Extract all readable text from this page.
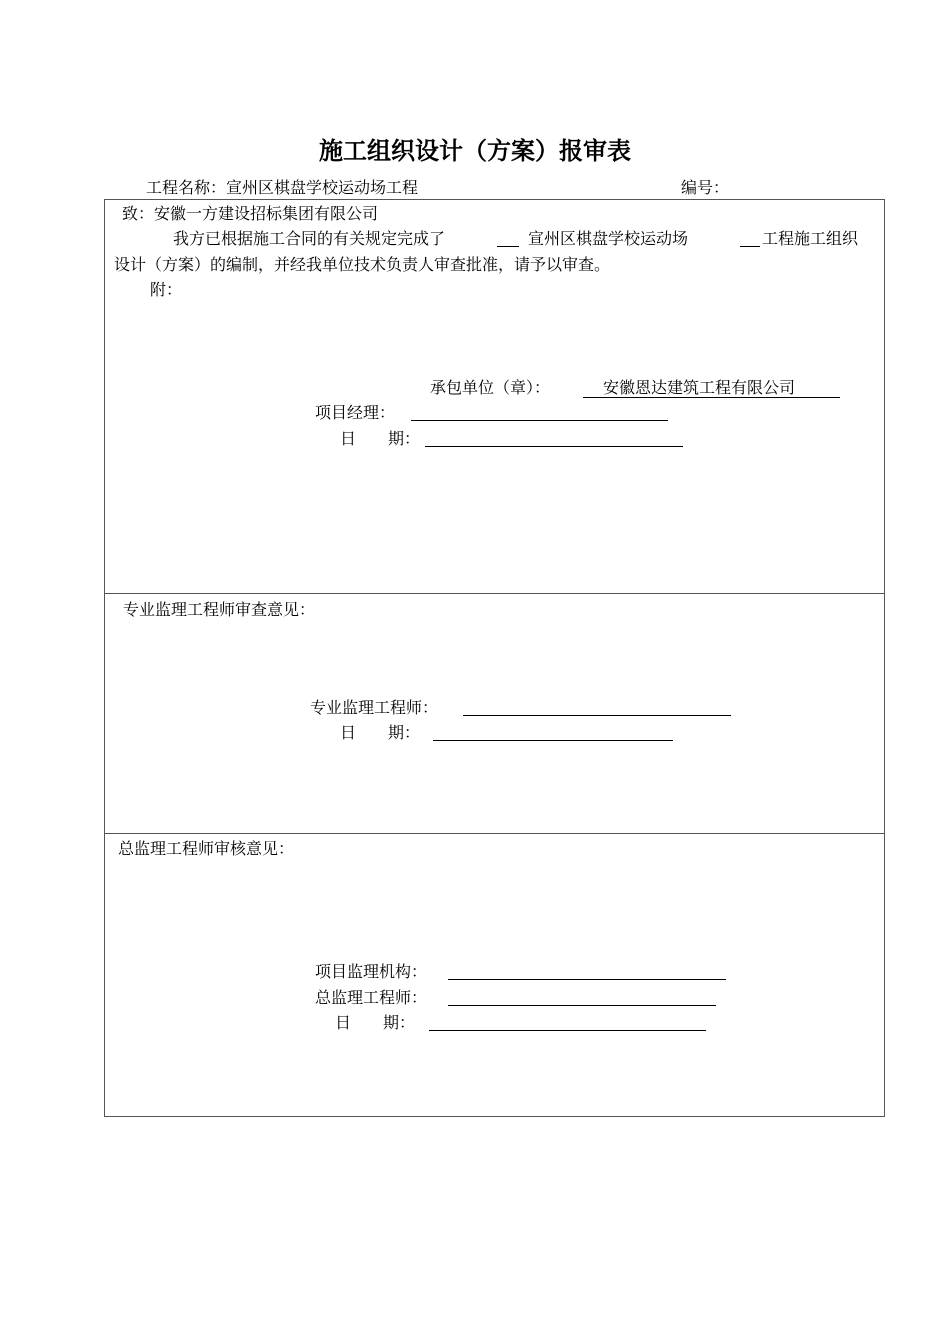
施工组织设计（方案）报审表
工程名称：宣州区棋盘学校运动场工程	编号：
致：安徽一方建设招标集团有限公司
我方已根据施工合同的有关规定完成了	宣州区棋盘学校运动场	工程施工组织
设计（方案）的编制，并经我单位技术负责人审查批准，请予以审查。
附：
承包单位（章）：	安徽恩达建筑工程有限公司
项目经理：
日　　期：
专业监理工程师审查意见：
专业监理工程师：
日　　期：
总监理工程师审核意见：
项目监理机构：
总监理工程师：
日　　期：
